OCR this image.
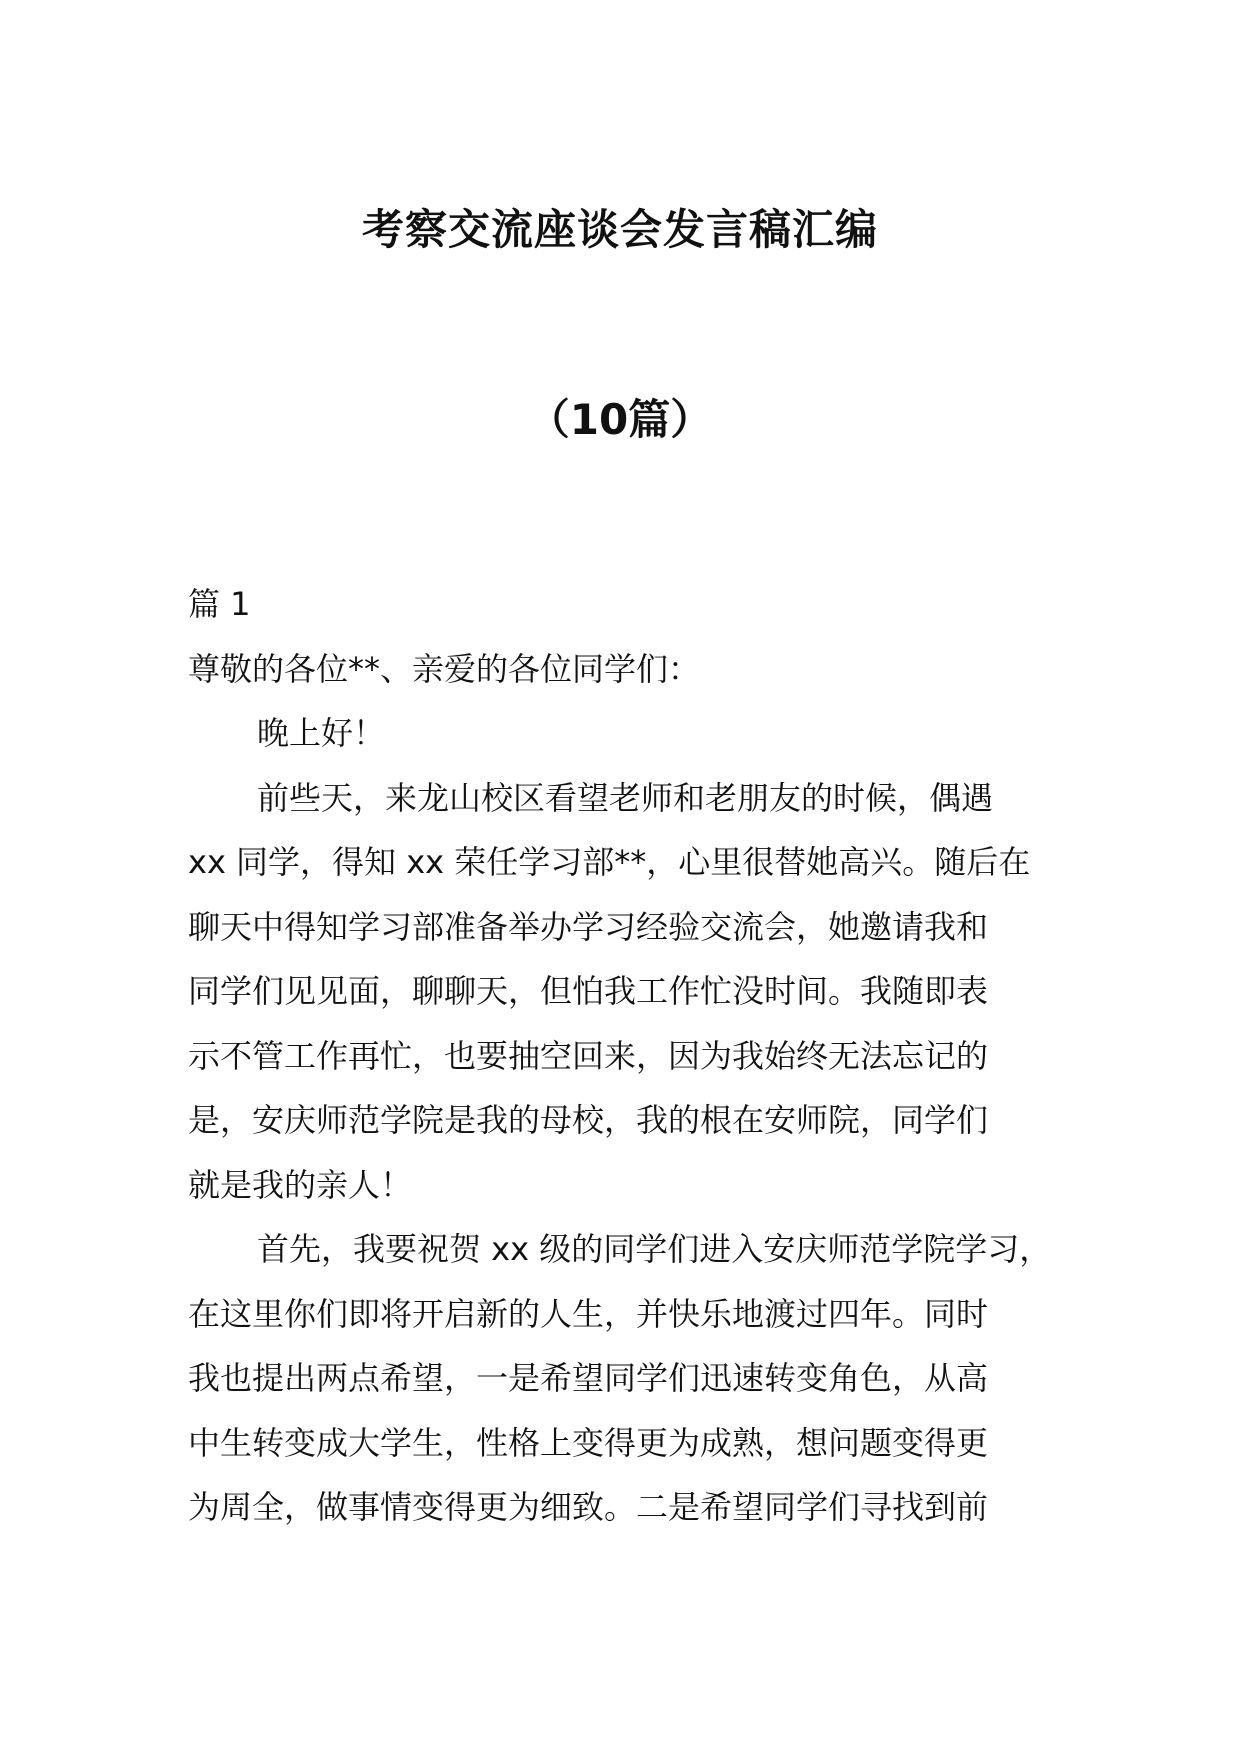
考察交流座谈会发言稿汇编
（10篇）
篇 1
尊敬的各位**、亲爱的各位同学们：
晚上好！
前些天，来龙山校区看望老师和老朋友的时候，偶遇
xx 同学，得知 xx 荣任学习部**，心里很替她高兴。随后在
聊天中得知学习部准备举办学习经验交流会，她邀请我和
同学们见见面，聊聊天，但怕我工作忙没时间。我随即表
示不管工作再忙，也要抽空回来，因为我始终无法忘记的
是，安庆师范学院是我的母校，我的根在安师院，同学们
就是我的亲人！
首先，我要祝贺 xx 级的同学们进入安庆师范学院学习，
在这里你们即将开启新的人生，并快乐地渡过四年。同时
我也提出两点希望，一是希望同学们迅速转变角色，从高
中生转变成大学生，性格上变得更为成熟，想问题变得更
为周全，做事情变得更为细致。二是希望同学们寻找到前
